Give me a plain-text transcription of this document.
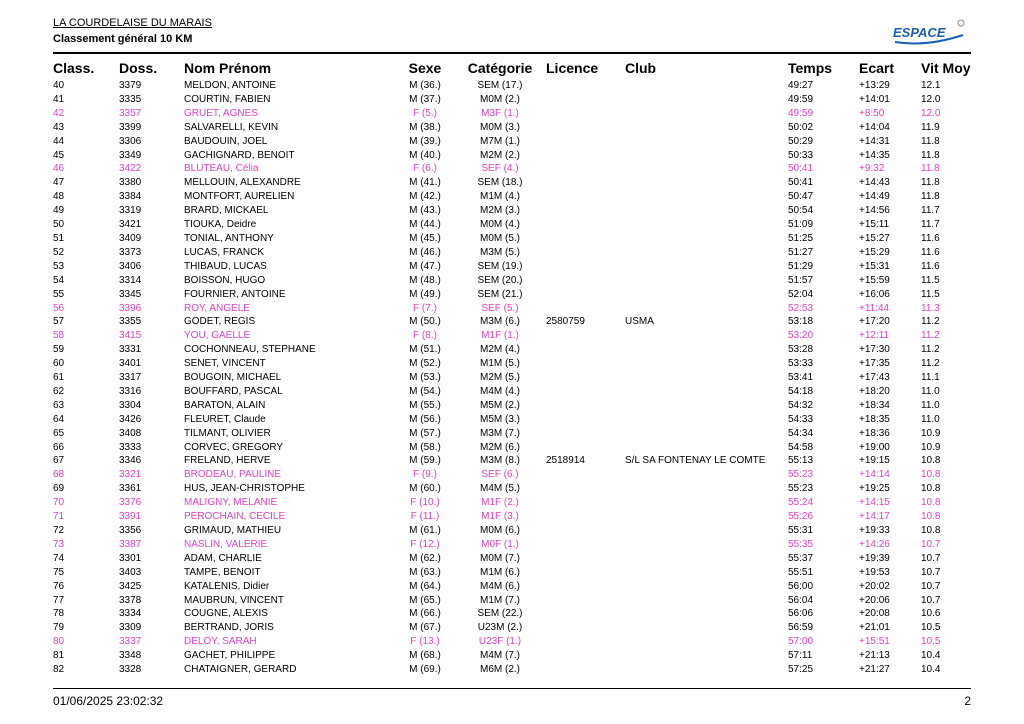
LA COURDELAISE DU MARAIS
Classement général 10 KM	ESPACE
Class.	Doss.	Nom Prénom	Sexe	Catégorie	Licence	Club	Temps	Ecart	Vit Moy
40	3379	MELDON, ANTOINE	M (36.)	SEM (17.)			49:27	+13:29	12.1
41	3335	COURTIN, FABIEN	M (37.)	M0M (2.)			49:59	+14:01	12.0
42	3357	GRUET, AGNES	F (5.)	M3F (1.)			49:59	+8:50	12.0
43	3399	SALVARELLI, KEVIN	M (38.)	M0M (3.)			50:02	+14:04	11.9
44	3306	BAUDOUIN, JOEL	M (39.)	M7M (1.)			50:29	+14:31	11.8
45	3349	GACHIGNARD, BENOIT	M (40.)	M2M (2.)			50:33	+14:35	11.8
46	3422	BLUTEAU, Célia	F (6.)	SEF (4.)			50:41	+9:32	11.8
47	3380	MELLOUIN, ALEXANDRE	M (41.)	SEM (18.)			50:41	+14:43	11.8
48	3384	MONTFORT, AURELIEN	M (42.)	M1M (4.)			50:47	+14:49	11.8
49	3319	BRARD, MICKAEL	M (43.)	M2M (3.)			50:54	+14:56	11.7
50	3421	TIOUKA, Deidre	M (44.)	M0M (4.)			51:09	+15:11	11.7
51	3409	TONIAL, ANTHONY	M (45.)	M0M (5.)			51:25	+15:27	11.6
52	3373	LUCAS, FRANCK	M (46.)	M3M (5.)			51:27	+15:29	11.6
53	3406	THIBAUD, LUCAS	M (47.)	SEM (19.)			51:29	+15:31	11.6
54	3314	BOISSON, HUGO	M (48.)	SEM (20.)			51:57	+15:59	11.5
55	3345	FOURNIER, ANTOINE	M (49.)	SEM (21.)			52:04	+16:06	11.5
56	3396	ROY, ANGELE	F (7.)	SEF (5.)			52:53	+11:44	11.3
57	3355	GODET, REGIS	M (50.)	M3M (6.)	2580759	USMA	53:18	+17:20	11.2
58	3415	YOU, GAELLE	F (8.)	M1F (1.)			53:20	+12:11	11.2
59	3331	COCHONNEAU, STEPHANE	M (51.)	M2M (4.)			53:28	+17:30	11.2
60	3401	SENET, VINCENT	M (52.)	M1M (5.)			53:33	+17:35	11.2
61	3317	BOUGOIN, MICHAEL	M (53.)	M2M (5.)			53:41	+17:43	11.1
62	3316	BOUFFARD, PASCAL	M (54.)	M4M (4.)			54:18	+18:20	11.0
63	3304	BARATON, ALAIN	M (55.)	M5M (2.)			54:32	+18:34	11.0
64	3426	FLEURET, Claude	M (56.)	M5M (3.)			54:33	+18:35	11.0
65	3408	TILMANT, OLIVIER	M (57.)	M3M (7.)			54:34	+18:36	10.9
66	3333	CORVEC, GREGORY	M (58.)	M2M (6.)			54:58	+19:00	10.9
67	3346	FRELAND, HERVE	M (59.)	M3M (8.)	2518914	S/L SA FONTENAY LE COMTE	55:13	+19:15	10.8
68	3321	BRODEAU, PAULINE	F (9.)	SEF (6.)			55:23	+14:14	10.8
69	3361	HUS, JEAN-CHRISTOPHE	M (60.)	M4M (5.)			55:23	+19:25	10.8
70	3376	MALIGNY, MELANIE	F (10.)	M1F (2.)			55:24	+14:15	10.8
71	3391	PEROCHAIN, CECILE	F (11.)	M1F (3.)			55:26	+14:17	10.8
72	3356	GRIMAUD, MATHIEU	M (61.)	M0M (6.)			55:31	+19:33	10.8
73	3387	NASLIN, VALERIE	F (12.)	M0F (1.)			55:35	+14:26	10.7
74	3301	ADAM, CHARLIE	M (62.)	M0M (7.)			55:37	+19:39	10.7
75	3403	TAMPE, BENOIT	M (63.)	M1M (6.)			55:51	+19:53	10.7
76	3425	KATALENIS, Didier	M (64.)	M4M (6.)			56:00	+20:02	10.7
77	3378	MAUBRUN, VINCENT	M (65.)	M1M (7.)			56:04	+20:06	10.7
78	3334	COUGNE, ALEXIS	M (66.)	SEM (22.)			56:06	+20:08	10.6
79	3309	BERTRAND, JORIS	M (67.)	U23M (2.)			56:59	+21:01	10.5
80	3337	DELOY, SARAH	F (13.)	U23F (1.)			57:00	+15:51	10.5
81	3348	GACHET, PHILIPPE	M (68.)	M4M (7.)			57:11	+21:13	10.4
82	3328	CHATAIGNER, GERARD	M (69.)	M6M (2.)			57:25	+21:27	10.4
01/06/2025 23:02:32	2
